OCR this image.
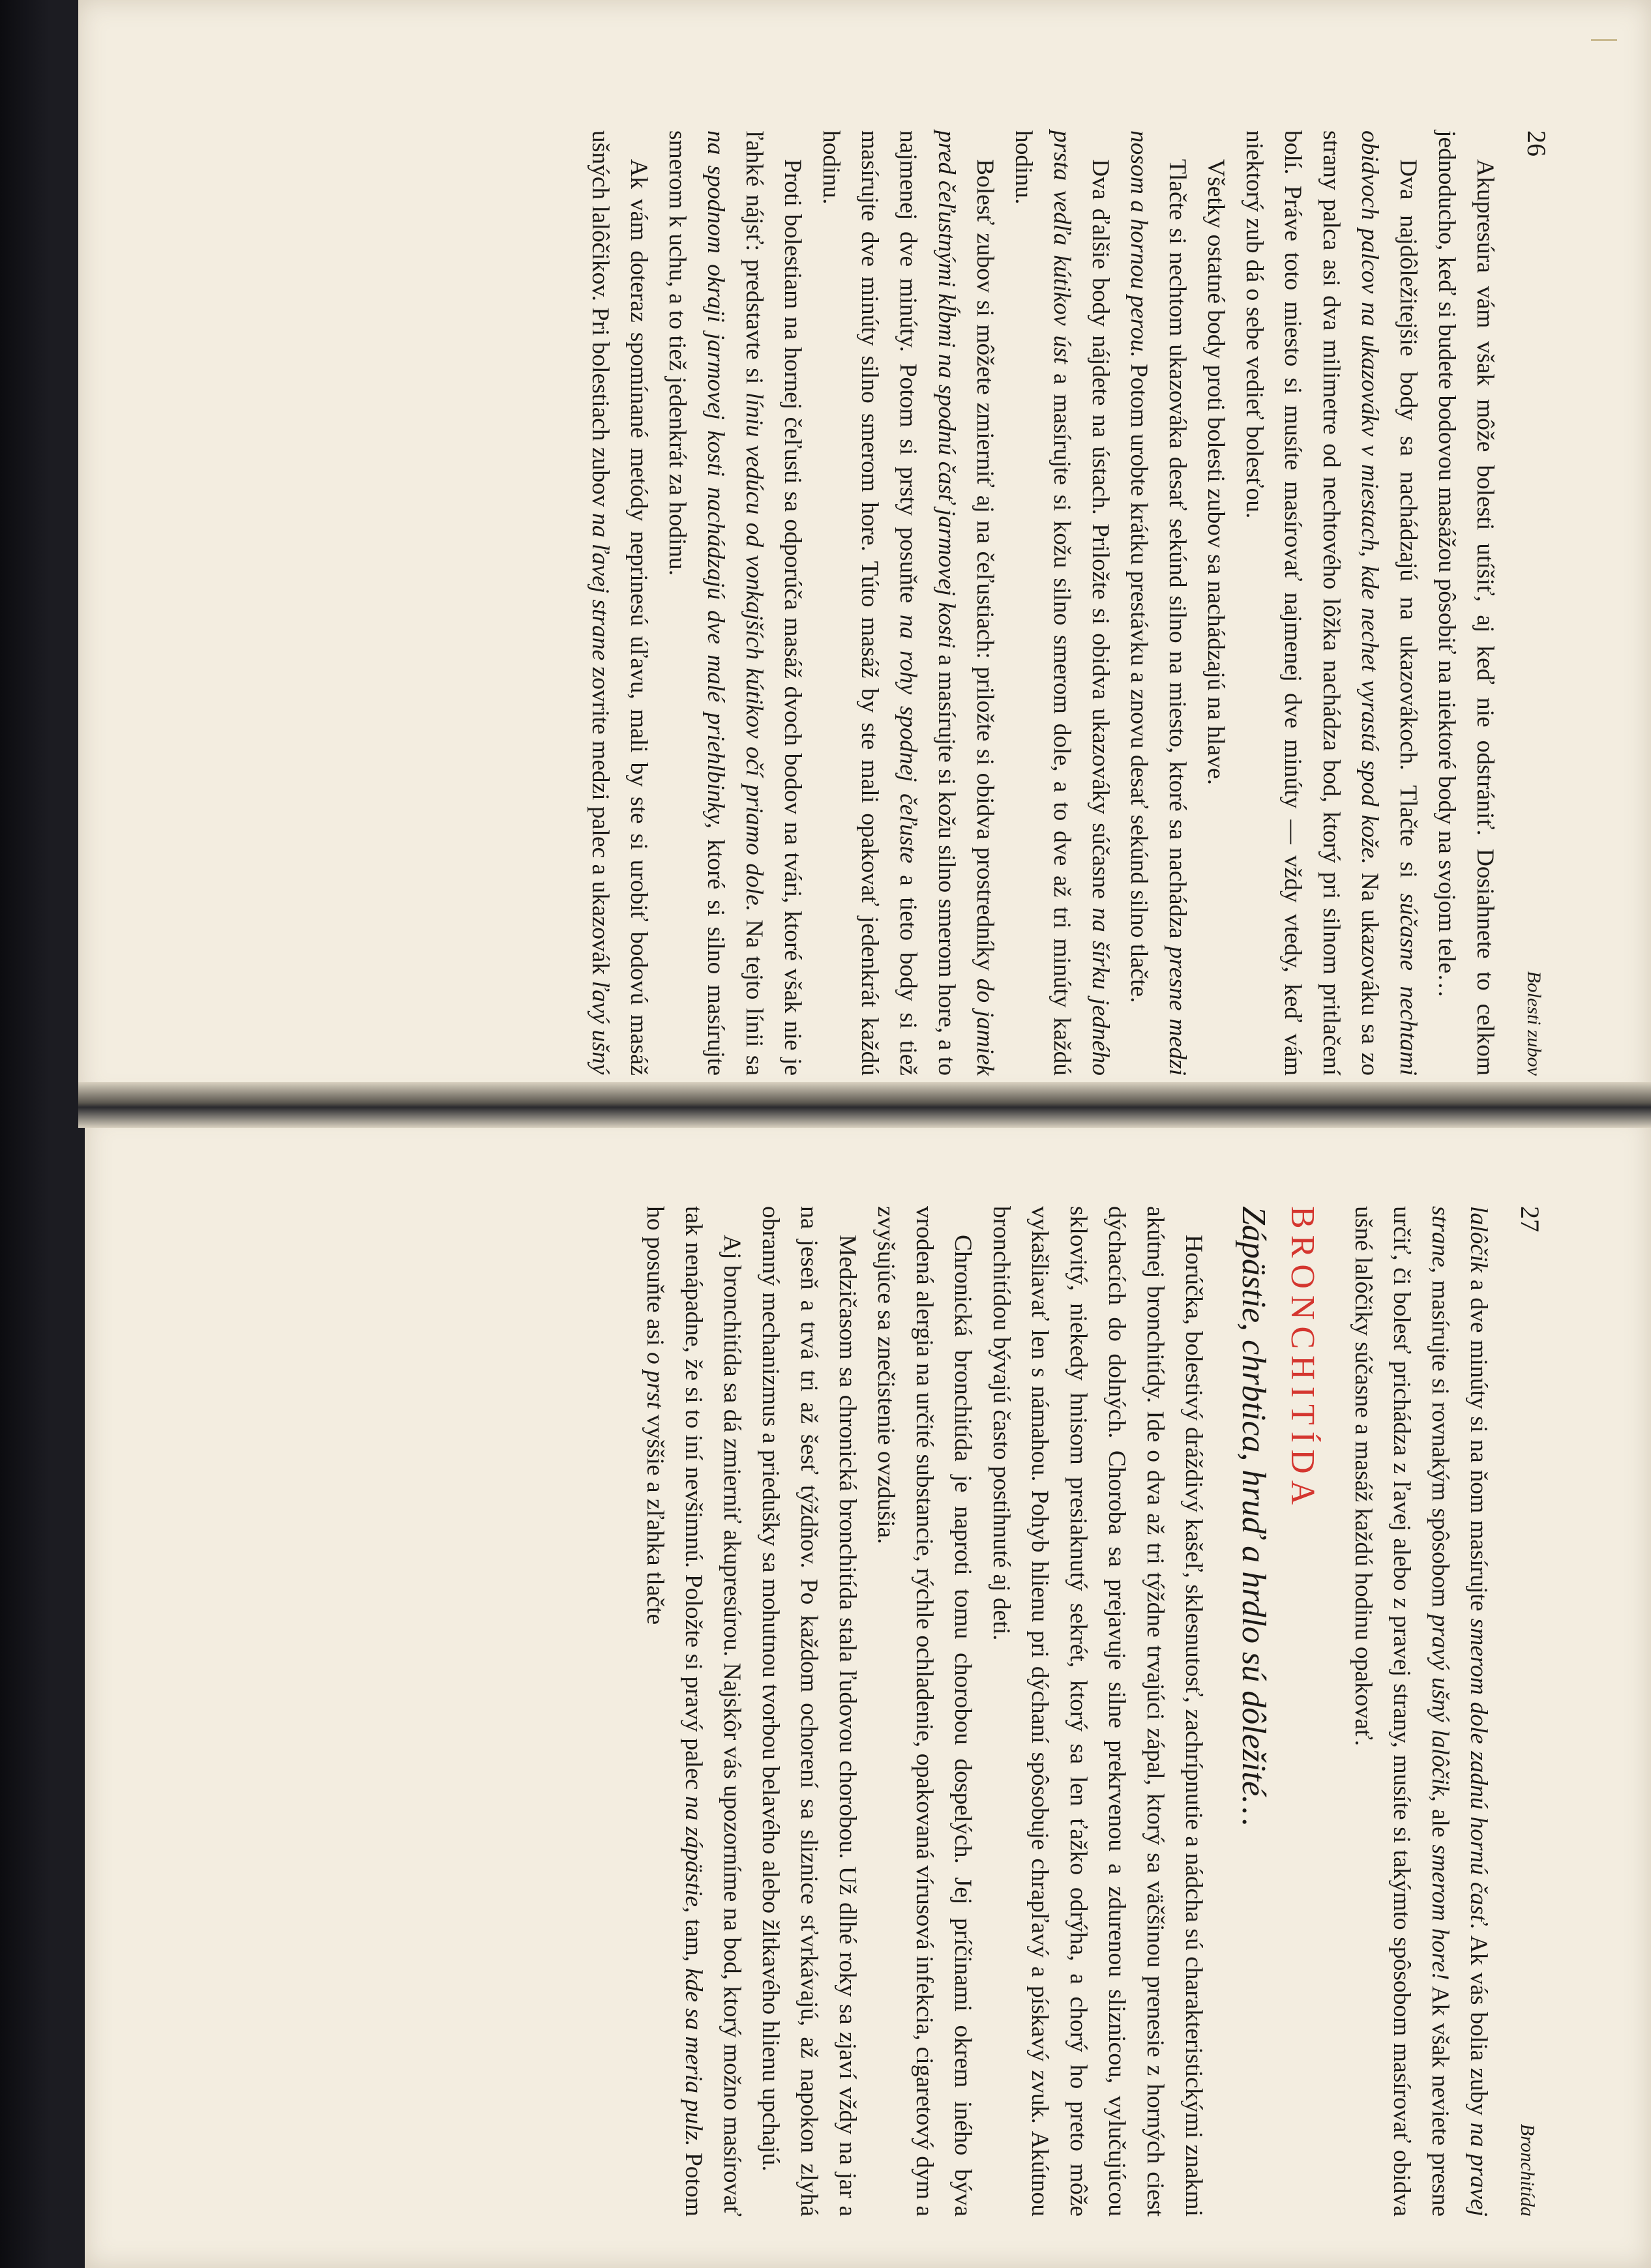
26
Bolesti zubov

Akupresúra vám však môže bolesti utíšiť, aj keď nie odstrániť. Dosiahnete to celkom jednoducho, keď si budete bodovou masážou pôsobiť na niektoré body na svojom tele…

Dva najdôležitejšie body sa nachádzajú na ukazovákoch. Tlačte si súčasne nechtami obidvoch palcov na ukazovákv v miestach, kde nechet vyrastá spod kože. Na ukazováku sa zo strany palca asi dva milimetre od nechtového lôžka nachádza bod, ktorý pri silnom pritlačení bolí. Práve toto miesto si musíte masírovať najmenej dve minúty — vždy vtedy, keď vám niektorý zub dá o sebe vedieť bolesťou.

Všetky ostatné body proti bolesti zubov sa nachádzajú na hlave.

Tlačte si nechtom ukazováka desať sekúnd silno na miesto, ktoré sa nachádza presne medzi nosom a hornou perou. Potom urobte krátku prestávku a znovu desať sekúnd silno tlačte.

Dva ďalšie body nájdete na ústach. Priložte si obidva ukazováky súčasne na šírku jedného prsta vedľa kútikov úst a masírujte si kožu silno smerom dole, a to dve až tri minúty každú hodinu.

Bolesť zubov si môžete zmierniť aj na čeľustiach: priložte si obidva prostredníky do jamiek pred čeľustnými kĺbmi na spodnú časť jarmovej kosti a masírujte si kožu silno smerom hore, a to najmenej dve minúty. Potom si prsty posuňte na rohy spodnej čeľuste a tieto body si tiež masírujte dve minúty silno smerom hore. Túto masáž by ste mali opakovať jedenkrát každú hodinu.

Proti bolestiam na hornej čeľusti sa odporúča masáž dvoch bodov na tvári, ktoré však nie je ľahké nájsť: predstavte si líniu vedúcu od vonkajších kútikov očí priamo dole. Na tejto línii sa na spodnom okraji jarmovej kosti nachádzajú dve malé priehlbinky, ktoré si silno masírujte smerom k uchu, a to tiež jedenkrát za hodinu.

Ak vám doteraz spomínané metódy neprinesú úľavu, mali by ste si urobiť bodovú masáž ušných lalôčikov. Pri bolestiach zubov na ľavej strane zovrite medzi palec a ukazovák ľavý ušný

27
Bronchitída

lalôčik a dve minúty si na ňom masírujte smerom dole zadnú hornú časť. Ak vás bolia zuby na pravej strane, masírujte si rovnakým spôsobom pravý ušný lalôčik, ale smerom hore! Ak však neviete presne určiť, či bolesť prichádza z ľavej alebo z pravej strany, musíte si takýmto spôsobom masírovať obidva ušné lalôčiky súčasne a masáž každú hodinu opakovať.

BRONCHITÍDA
Zápästie, chrbtica, hruď a hrdlo sú dôležité…

Horúčka, bolestivý dráždivý kašeľ, sklesnutosť, zachrípnutie a nádcha sú charakteristickými znakmi akútnej bronchitídy. Ide o dva až tri týždne trvajúci zápal, ktorý sa väčšinou prenesie z horných ciest dýchacích do dolných. Choroba sa prejavuje silne prekrvenou a zdurenou sliznicou, vylučujúcou sklovitý, niekedy hnisom presiaknutý sekrét, ktorý sa len ťažko odrýha, a chorý ho preto môže vykašliavať len s námahou. Pohyb hlienu pri dýchaní spôsobuje chrapľavý a pískavý zvuk. Akútnou bronchitídou bývajú často postihnuté aj deti.

Chronická bronchitída je naproti tomu chorobou dospelých. Jej príčinami okrem iného býva vrodená alergia na určité substancie, rýchle ochladenie, opakovaná vírusová infekcia, cigaretový dym a zvyšujúce sa znečistenie ovzdušia.

Medzičasom sa chronická bronchitída stala ľudovou chorobou. Už dlhé roky sa zjaví vždy na jar a na jeseň a trvá tri až šesť týždňov. Po každom ochorení sa sliznice sťvrkávajú, až napokon zlyhá obranný mechanizmus a priedušky sa mohutnou tvorbou belavého alebo žltkavého hlienu upchajú.

Aj bronchitída sa dá zmierniť akupresúrou. Najskôr vás upozorníme na bod, ktorý možno masírovať tak nenápadne, že si to iní nevšimnú. Položte si pravý palec na zápästie, tam, kde sa meria pulz. Potom ho posuňte asi o prst vyššie a zľahka tlačte
